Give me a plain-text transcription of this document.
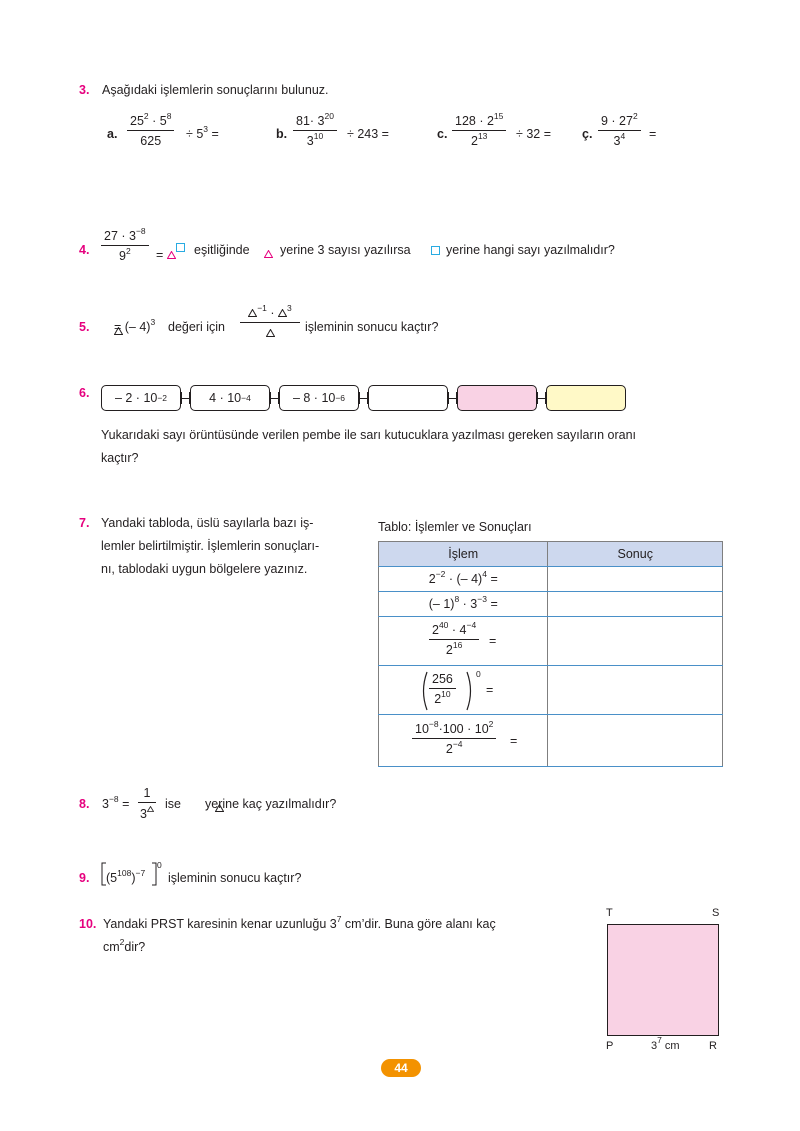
3. Aşağıdaki işlemlerin sonuçlarını bulunuz.
a.
$25^2 \cdot 5^8$
$625 \div 5^3$ =	b.
$81\cdot 3^{20}$
$3^{10} \div 243$ =	c.
$128 \cdot 2^{15}$
$2^{13} \div 32$ = ç.
$9 \cdot 27^2$
$3^4$ =
4.
$27 \cdot 3^{-8}$
$9^2$ =	eşitliğinde
yerine 3 sayısı yazılırsa	yerine hangi sayı yazılmalıdır?
5.
= (– 4)$^3$ değeri için
$^{-1}$ · $^3$
işleminin sonucu kaçtır?
6. – 2 · 10 −2	4 · 10 −4	– 8 · 10 −6
Yukarıdaki sayı örüntüsünde verilen pembe ile sarı kutucuklara yazılması gereken sayıların oranı
kaçtır?
7. Yandaki tabloda, üslü sayılarla bazı iş-
lemler belirtilmiştir. İşlemlerin sonuçları-
nı, tablodaki uygun bölgelere yazınız.
Tablo: İşlemler ve Sonuçları
İşlem	Sonuç
$2^{-2}$ · (– 4)$^4$ =	
(– $1)^8 \cdot 3^{-3}$ =	

$2^{40} \cdot 4^{-4}$
$2^{16}$ =	

256
$2^{10}$
0
=	

$10^{-8}\cdot 100 \cdot 10^2$
$2^{-4}$ =	

8. $3^{-8}$ =
1
3
ise yerine kaç yazılmalıdır?
9. $(5^{108})^{-7}$
0
işleminin sonucu kaçtır?
10. Yandaki PRST karesinin kenar uzunluğu $3^7$ cm’dir. Buna göre alanı kaç
$cm^2dir$?
T	S
P	R
$3^7$ cm
44
